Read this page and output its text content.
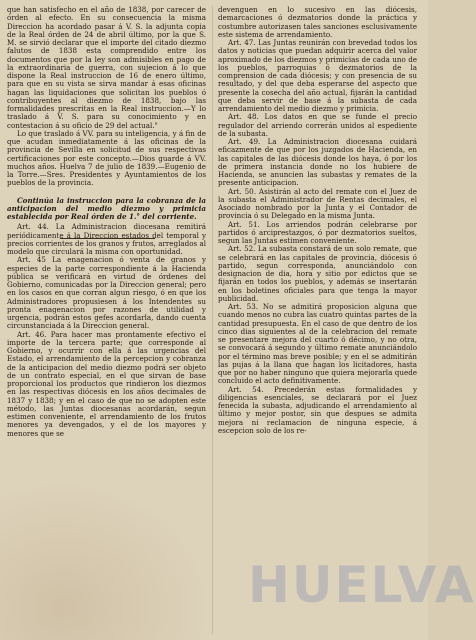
que han satisfecho en el año de 1838, por carecer de órden al efecto. En su consecuencia la misma Direccion ha acordado pasar á V. S. la adjunta copia de la Real órden de 24 de abril último, por la que S. M. se sirvió declarar que el importe del citado diezmo falutos de 1838 esta comprendido entre los documentos que por la ley son admisibles en pago de la extraordinaria de guerra, con sujecion á lo que dispone la Real instruccion de 16 de enero último, para que en su vista se sirva mandar á esas oficinas hagan las liquidaciones que solicitan los pueblos ó contribuyentes al diezmo de 1838, bajo las formalidades prescritas en la Real instruccion.—Y lo traslado á V. S. para su conocimiento y en contestacion á su oficio de 29 del actual."

Lo que traslado á VV. para su inteligencia, y á fin de que acudan inmediatamente á las oficinas de la provincia de Sevilla en solicitud de sus respectivas certificaciones por este concepto.—Dios guarde á VV. muchos años. Huelva 7 de julio de 1839.—Eugenio de la Torre.—Sres. Presidentes y Ayuntamientos de los pueblos de la provincia.

Continúa la instruccion para la cobranza de la anticipacion del medio diezmo y primicia establecida por Real órden de 1.° del corriente.

Art. 44. La Administracion diocesana remitirá periódicamente á la Direccion estados del temporal y precios corrientes de los granos y frutos, arreglados al modelo que circulará la misma con oportunidad.

Art. 45 La enagenacion ó venta de granos y especies de la parte correspondiente á la Hacienda pública se verificará en virtud de órdenes del Gobierno, comunicadas por la Direccion general; pero en los casos en que corran algun riesgo, ó en que los Administradores propusiesen á los Intendentes su pronta enagenacion por razones de utilidad y urgencia, podrán estos gefes acordarla, dando cuenta circunstanciada á la Direccion general.

Art. 46. Para hacer mas prontamente efectivo el importe de la tercera parte; que corresponde al Gobierno, y ocurrir con ella á las urgencias del Estado, el arrendamiento de la percepcion y cobranza de la anticipacion del medio diezmo podrá ser objeto de un contrato especial, en el que sirvan de base proporcional los productos que rindieron los diezmos en las respectivas diócesis en los años decimales de 1837 y 1838; y en el caso de que no se adopten este método, las Juntas diocesanas acordarán, segun estimen conveniente, el arrendamiento de los frutos menores ya devengados, y el de los mayores y menores que se

devenguen en lo sucesivo en las diócesis, demarcaciones ó dezmatorios donde la práctica y costumbre autorizasen tales sanciones esclusivamente este sistema de arrendamiento.

Art. 47. Las Juntas reunirán con brevedad todos los datos y noticias que puedan adquirir acerca del valor aproximado de los diezmos y primicias de cada uno de los pueblos, parroquias ó dezmatorios de la comprension de cada diócesis; y con presencia de su resultado, y del que deba esperarse del aspecto que presente la cosecha del año actual, fijarán la cantidad que deba servir de base á la subasta de cada arrendamiento del medio diezmo y primicia.

Art. 48. Los datos en que se funde el precio regulador del arriendo correrán unidos al espediente de la subasta.

Art. 49. La Administracion diocesana cuidará eficazmente de que por los juzgados de Hacienda, en las capitales de las diócesis donde los haya, ó por los de primera instancia donde no los hubiere de Hacienda, se anuncien las subastas y remates de la presente anticipacion.

Art. 50. Asistirán al acto del remate con el Juez de la subasta el Administrador de Rentas decimales, el Asociado nombrado por la Junta y el Contador de provincia ó su Delegado en la misma Junta.

Art. 51. Los arriendos podrán celebrarse por partidos ó arciprestazgos, ó por dezmatorios sueltos, segun las Juntas estimen conveniente.

Art. 52. La subasta constará de un solo remate, que se celebrará en las capitales de provincia, diócesis ó partido, segun corresponda, anunciándolo con designacion de dia, hora y sitio por edictos que se fijarán en todos los pueblos, y además se insertarán en los boletines oficiales para que tenga la mayor publicidad.

Art. 53. No se admitirá proposicion alguna que cuando menos no cubra las cuatro quintas partes de la cantidad presupuesta. En el caso de que dentro de los cinco dias siguientes al de la celebracion del remate se presentare mejora del cuarto ó décimo, y no otra, se convocará á segundo y último remate anunciándolo por el término mas breve posible; y en el se admitirán las pujas á la llana que hagan los licitadores, hasta que por no haber ninguno que quiera mejorarla quede concluido el acto definitivamente.

Art. 54. Precederán estas formalidades y diligencias esenciales, se declarará por el Juez fenecida la subasta, adjudicando el arrendamiento al último y mejor postor, sin que despues se admita mejora ni reclamacion de ninguna especie, á escepcion solo de los re-

HUELVA
